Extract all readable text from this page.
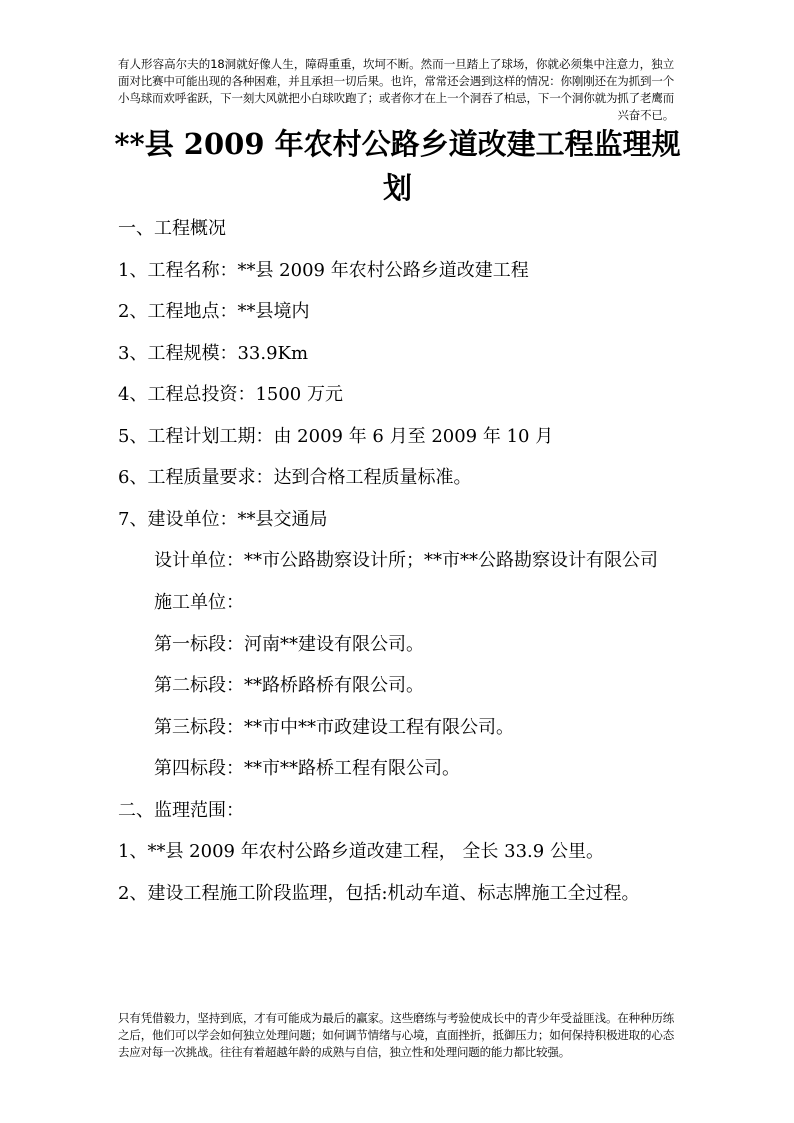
有人形容高尔夫的18洞就好像人生，障碍重重，坎坷不断。然而一旦踏上了球场，你就必须集中注意力，独立面对比赛中可能出现的各种困难，并且承担一切后果。也许，常常还会遇到这样的情况：你刚刚还在为抓到一个小鸟球而欢呼雀跃，下一刻大风就把小白球吹跑了；或者你才在上一个洞吞了柏忌，下一个洞你就为抓了老鹰而兴奋不已。
**县 2009 年农村公路乡道改建工程监理规划
一、工程概况
1、工程名称：**县 2009 年农村公路乡道改建工程
2、工程地点：**县境内
3、工程规模：33.9Km
4、工程总投资：1500 万元
5、工程计划工期：由 2009 年 6 月至 2009 年 10 月
6、工程质量要求：达到合格工程质量标准。
7、建设单位：**县交通局
设计单位：**市公路勘察设计所；**市**公路勘察设计有限公司
施工单位：
第一标段：河南**建设有限公司。
第二标段：**路桥路桥有限公司。
第三标段：**市中**市政建设工程有限公司。
第四标段：**市**路桥工程有限公司。
二、监理范围：
1、**县 2009 年农村公路乡道改建工程， 全长 33.9 公里。
2、建设工程施工阶段监理，包括:机动车道、标志牌施工全过程。
只有凭借毅力，坚持到底，才有可能成为最后的赢家。这些磨练与考验使成长中的青少年受益匪浅。在种种历练之后，他们可以学会如何独立处理问题；如何调节情绪与心境，直面挫折，抵御压力；如何保持积极进取的心态去应对每一次挑战。往往有着超越年龄的成熟与自信，独立性和处理问题的能力都比较强。
